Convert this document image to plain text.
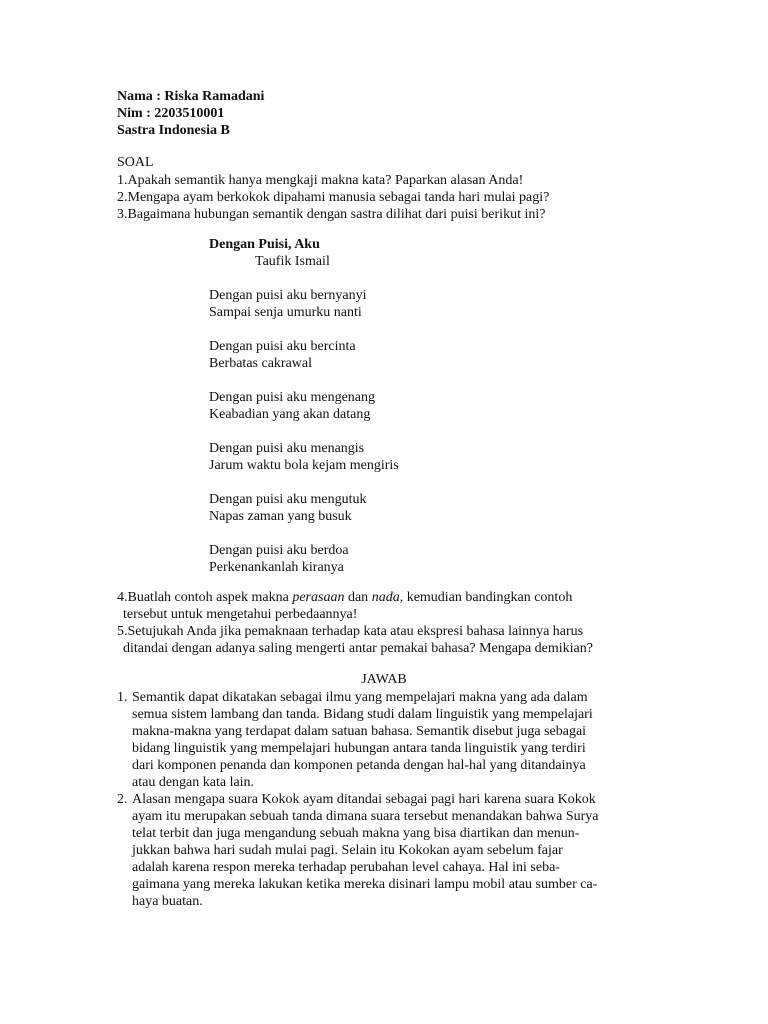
Nama : Riska Ramadani
Nim : 2203510001
Sastra Indonesia B
SOAL
1.Apakah semantik hanya mengkaji makna kata? Paparkan alasan Anda!
2.Mengapa ayam berkokok dipahami manusia sebagai tanda hari mulai pagi?
3.Bagaimana hubungan semantik dengan sastra dilihat dari puisi berikut ini?
Dengan Puisi, Aku
Taufik Ismail
Dengan puisi aku bernyanyi
Sampai senja umurku nanti
Dengan puisi aku bercinta
Berbatas cakrawal
Dengan puisi aku mengenang
Keabadian yang akan datang
Dengan puisi aku menangis
Jarum waktu bola kejam mengiris
Dengan puisi aku mengutuk
Napas zaman yang busuk
Dengan puisi aku berdoa
Perkenankanlah kiranya
4.Buatlah contoh aspek makna perasaan dan nada, kemudian bandingkan contoh
tersebut untuk mengetahui perbedaannya!
5.Setujukah Anda jika pemaknaan terhadap kata atau ekspresi bahasa lainnya harus
ditandai dengan adanya saling mengerti antar pemakai bahasa? Mengapa demikian?
JAWAB
1. Semantik dapat dikatakan sebagai ilmu yang mempelajari makna yang ada dalam
semua sistem lambang dan tanda. Bidang studi dalam linguistik yang mempelajari
makna-makna yang terdapat dalam satuan bahasa. Semantik disebut juga sebagai
bidang linguistik yang mempelajari hubungan antara tanda linguistik yang terdiri
dari komponen penanda dan komponen petanda dengan hal-hal yang ditandainya
atau dengan kata lain.
2. Alasan mengapa suara Kokok ayam ditandai sebagai pagi hari karena suara Kokok
ayam itu merupakan sebuah tanda dimana suara tersebut menandakan bahwa Surya
telat terbit dan juga mengandung sebuah makna yang bisa diartikan dan menun-
jukkan bahwa hari sudah mulai pagi. Selain itu Kokokan ayam sebelum fajar
adalah karena respon mereka terhadap perubahan level cahaya. Hal ini seba-
gaimana yang mereka lakukan ketika mereka disinari lampu mobil atau sumber ca-
haya buatan.
